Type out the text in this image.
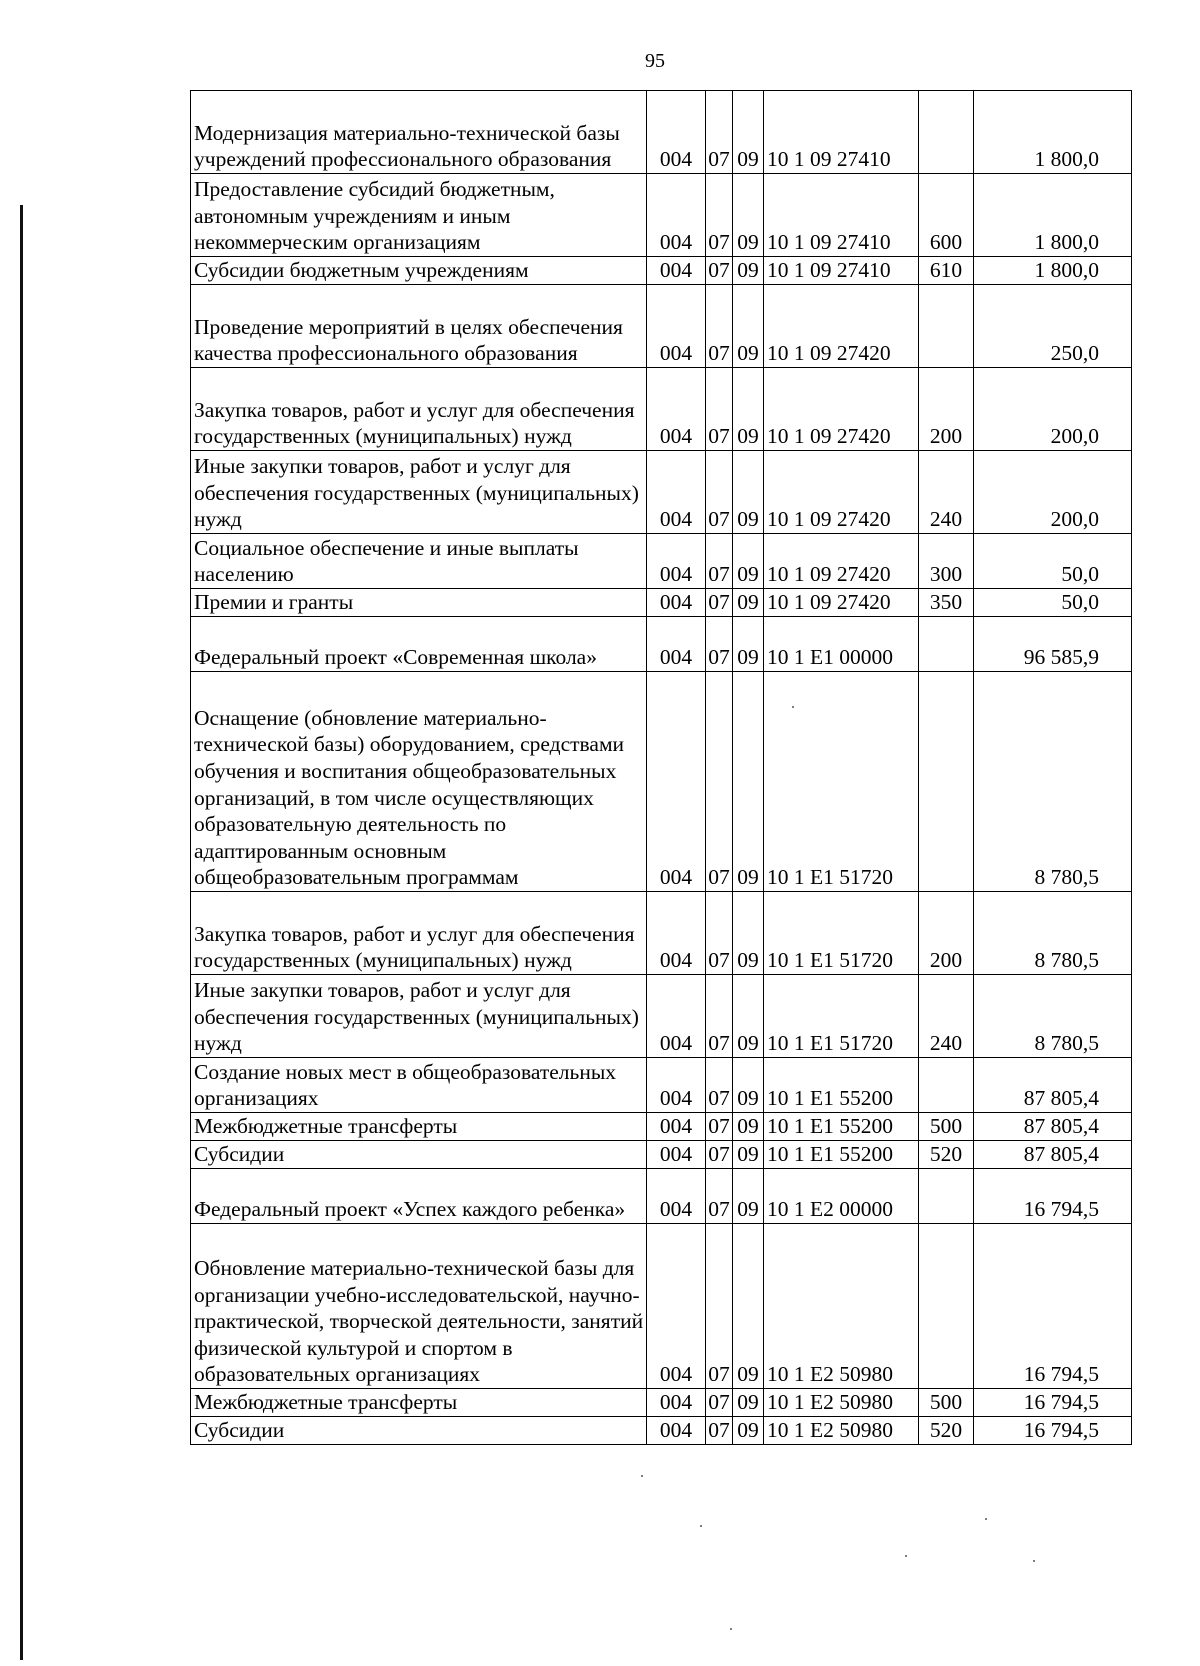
95
Модернизация материально-технической базы учреждений профессионального образования	004	07	09	10 1 09 27410		1 800,0
Предоставление субсидий бюджетным, автономным учреждениям и иным некоммерческим организациям	004	07	09	10 1 09 27410	600	1 800,0
Субсидии бюджетным учреждениям	004	07	09	10 1 09 27410	610	1 800,0
Проведение мероприятий в целях обеспечения качества профессионального образования	004	07	09	10 1 09 27420		250,0
Закупка товаров, работ и услуг для обеспечения государственных (муниципальных) нужд	004	07	09	10 1 09 27420	200	200,0
Иные закупки товаров, работ и услуг для обеспечения государственных (муниципальных) нужд	004	07	09	10 1 09 27420	240	200,0
Социальное обеспечение и иные выплаты населению	004	07	09	10 1 09 27420	300	50,0
Премии и гранты	004	07	09	10 1 09 27420	350	50,0
Федеральный проект «Современная школа»	004	07	09	10 1 Е1 00000		96 585,9
Оснащение (обновление материально-технической базы) оборудованием, средствами обучения и воспитания общеобразовательных организаций, в том числе осуществляющих образовательную деятельность по адаптированным основным общеобразовательным программам	004	07	09	10 1 Е1 51720		8 780,5
Закупка товаров, работ и услуг для обеспечения государственных (муниципальных) нужд	004	07	09	10 1 Е1 51720	200	8 780,5
Иные закупки товаров, работ и услуг для обеспечения государственных (муниципальных) нужд	004	07	09	10 1 Е1 51720	240	8 780,5
Создание новых мест в общеобразовательных организациях	004	07	09	10 1 Е1 55200		87 805,4
Межбюджетные трансферты	004	07	09	10 1 Е1 55200	500	87 805,4
Субсидии	004	07	09	10 1 Е1 55200	520	87 805,4
Федеральный проект «Успех каждого ребенка»	004	07	09	10 1 Е2 00000		16 794,5
Обновление материально-технической базы для организации учебно-исследовательской, научно-практической, творческой деятельности, занятий физической культурой и спортом в образовательных организациях	004	07	09	10 1 Е2 50980		16 794,5
Межбюджетные трансферты	004	07	09	10 1 Е2 50980	500	16 794,5
Субсидии	004	07	09	10 1 Е2 50980	520	16 794,5
